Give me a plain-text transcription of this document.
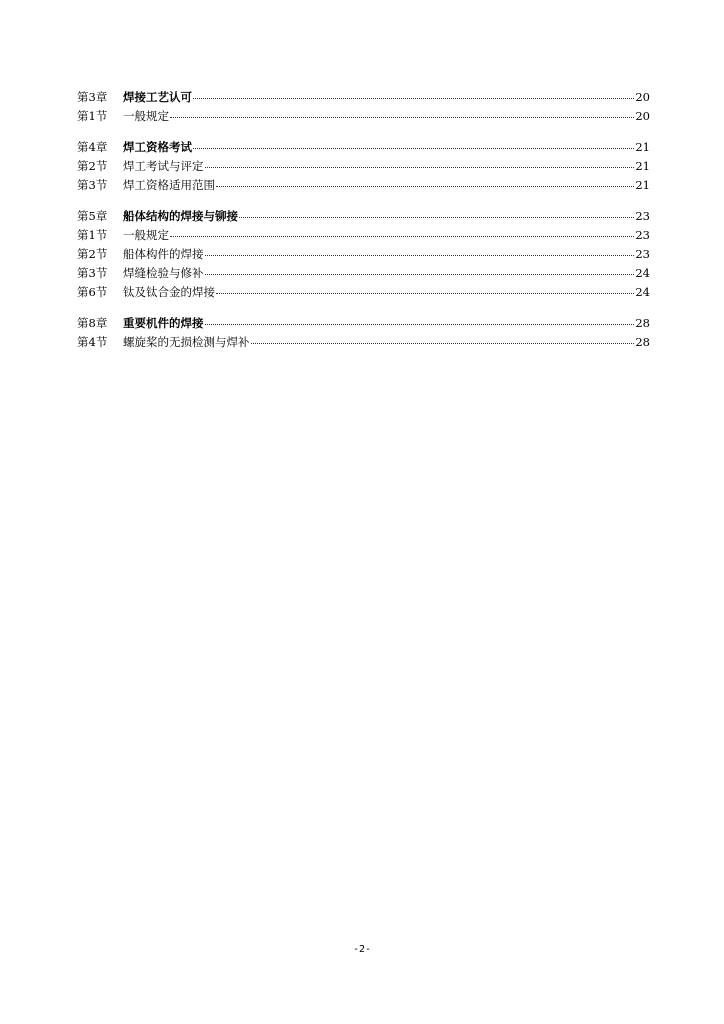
第3章	焊接工艺认可	20
第1节	一般规定	20
第4章	焊工资格考试	21
第2节	焊工考试与评定	21
第3节	焊工资格适用范围	21
第5章	船体结构的焊接与铆接	23
第1节	一般规定	23
第2节	船体构件的焊接	23
第3节	焊缝检验与修补	24
第6节	钛及钛合金的焊接	24
第8章	重要机件的焊接	28
第4节	螺旋桨的无损检测与焊补	28
-2-
